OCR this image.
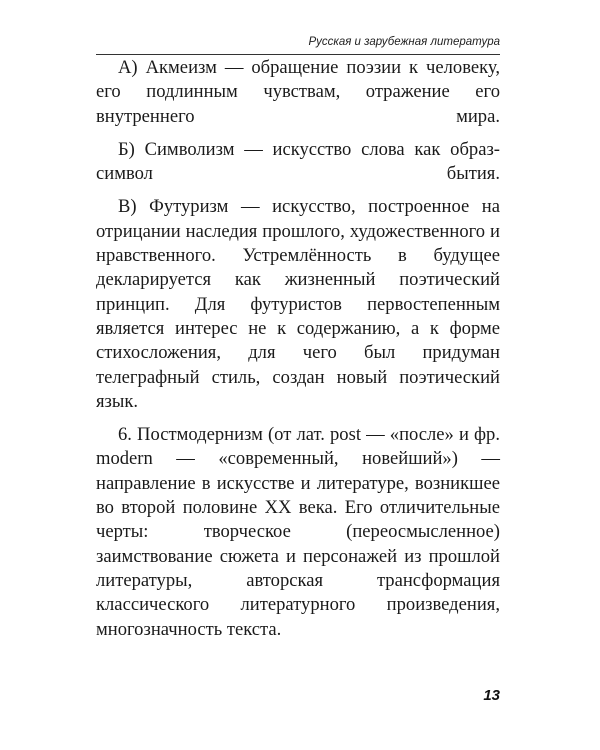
Русская и зарубежная литература

А) Акмеизм — обращение поэзии к человеку, его подлинным чувствам, отражение его внутреннего мира.

Б) Символизм — искусство слова как образ-символ бытия.

В) Футуризм — искусство, построенное на отрицании наследия прошлого, художественного и нравственного. Устремлённость в будущее декларируется как жизненный поэтический принцип. Для футуристов первостепенным является интерес не к содержанию, а к форме стихосложения, для чего был придуман телеграфный стиль, создан новый поэтический язык.

6. Постмодернизм (от лат. post — «после» и фр. modern — «современный, новейший») — направление в искусстве и литературе, возникшее во второй половине XX века. Его отличительные черты: творческое (переосмысленное) заимствование сюжета и персонажей из прошлой литературы, авторская трансформация классического литературного произведения, многозначность текста.

13
